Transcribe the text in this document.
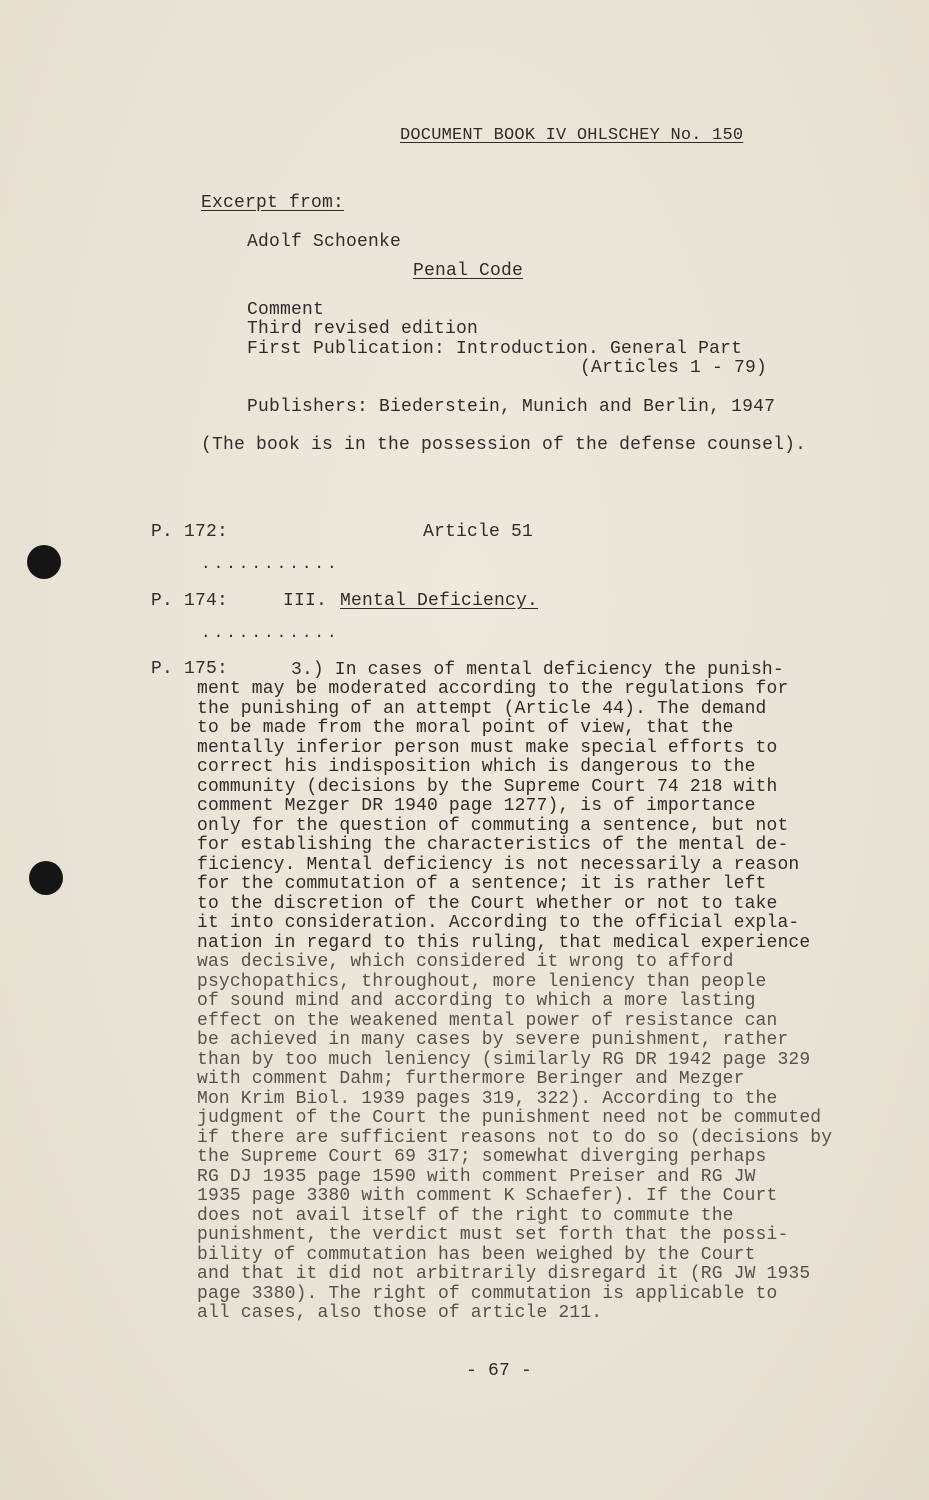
DOCUMENT BOOK IV OHLSCHEY No. 150
Excerpt from:
Adolf Schoenke
Penal Code
Comment
Third revised edition
First Publication: Introduction. General Part
(Articles 1 - 79)
Publishers: Biederstein, Munich and Berlin, 1947
(The book is in the possession of the defense counsel).
P. 172:	Article 51
...........
P. 174:	III. Mental Deficiency.
...........
P. 175:	3.) In cases of mental deficiency the punish-
ment may be moderated according to the regulations for
the punishing of an attempt (Article 44). The demand
to be made from the moral point of view, that the
mentally inferior person must make special efforts to
correct his indisposition which is dangerous to the
community (decisions by the Supreme Court 74 218 with
comment Mezger DR 1940 page 1277), is of importance
only for the question of commuting a sentence, but not
for establishing the characteristics of the mental de-
ficiency. Mental deficiency is not necessarily a reason
for the commutation of a sentence; it is rather left
to the discretion of the Court whether or not to take
it into consideration. According to the official expla-
nation in regard to this ruling, that medical experience
was decisive, which considered it wrong to afford
psychopathics, throughout, more leniency than people
of sound mind and according to which a more lasting
effect on the weakened mental power of resistance can
be achieved in many cases by severe punishment, rather
than by too much leniency (similarly RG DR 1942 page 329
with comment Dahm; furthermore Beringer and Mezger
Mon Krim Biol. 1939 pages 319, 322). According to the
judgment of the Court the punishment need not be commuted
if there are sufficient reasons not to do so (decisions by
the Supreme Court 69 317; somewhat diverging perhaps
RG DJ 1935 page 1590 with comment Preiser and RG JW
1935 page 3380 with comment K Schaefer). If the Court
does not avail itself of the right to commute the
punishment, the verdict must set forth that the possi-
bility of commutation has been weighed by the Court
and that it did not arbitrarily disregard it (RG JW 1935
page 3380). The right of commutation is applicable to
all cases, also those of article 211.
- 67 -
